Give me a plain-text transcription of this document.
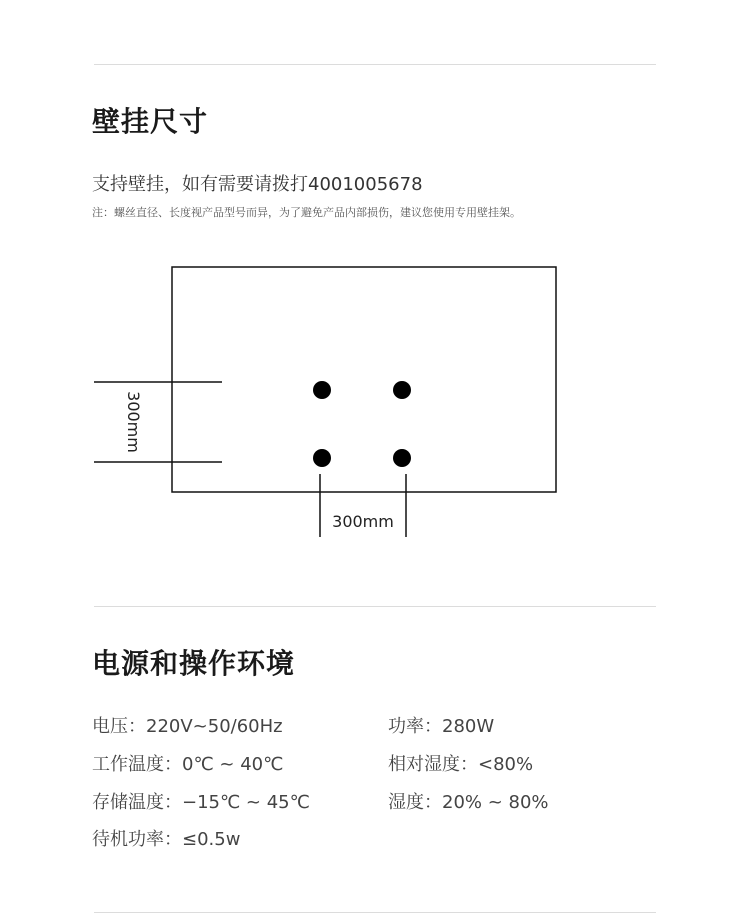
壁挂尺寸
支持壁挂，如有需要请拨打4001005678
注：螺丝直径、长度视产品型号而异，为了避免产品内部损伤，建议您使用专用壁挂架。
300mm
300mm
电源和操作环境
电压：220V~50/60Hz	功率：280W
工作温度：0℃ ~ 40℃	相对湿度：<80%
存储温度：−15℃ ~ 45℃	湿度：20% ~ 80%
待机功率：≤0.5w
